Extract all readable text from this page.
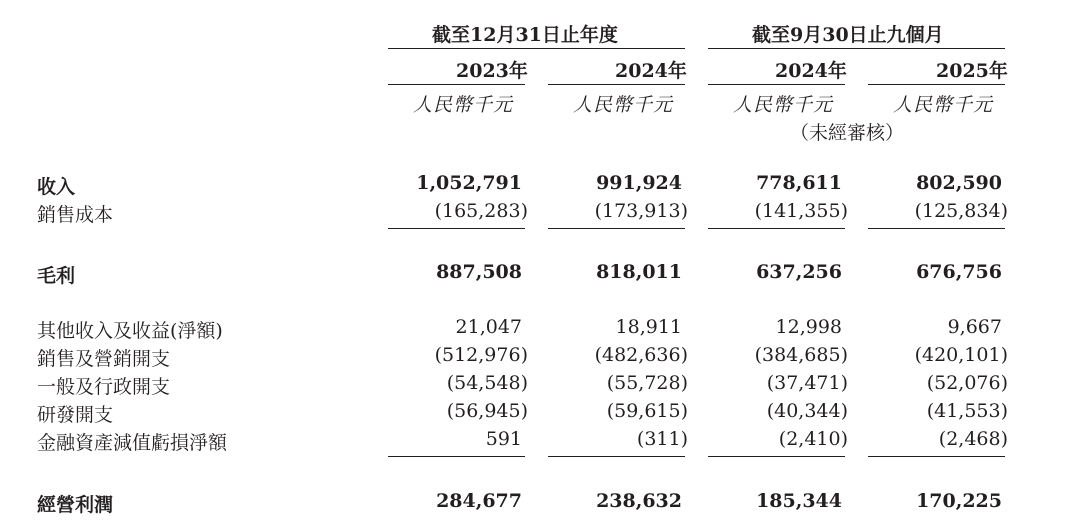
截至12月31日止年度	截至9月30日止九個月
2023年	2024年	2024年	2025年
人民幣千元	人民幣千元	人民幣千元	人民幣千元
（未經審核）
收入	1,052,791	991,924	778,611	802,590
銷售成本	(165,283)	(173,913)	(141,355)	(125,834)
毛利	887,508	818,011	637,256	676,756
其他收入及收益(淨額)	21,047	18,911	12,998	9,667
銷售及營銷開支	(512,976)	(482,636)	(384,685)	(420,101)
一般及行政開支	(54,548)	(55,728)	(37,471)	(52,076)
研發開支	(56,945)	(59,615)	(40,344)	(41,553)
金融資產減值虧損淨額	591	(311)	(2,410)	(2,468)
經營利潤	284,677	238,632	185,344	170,225
